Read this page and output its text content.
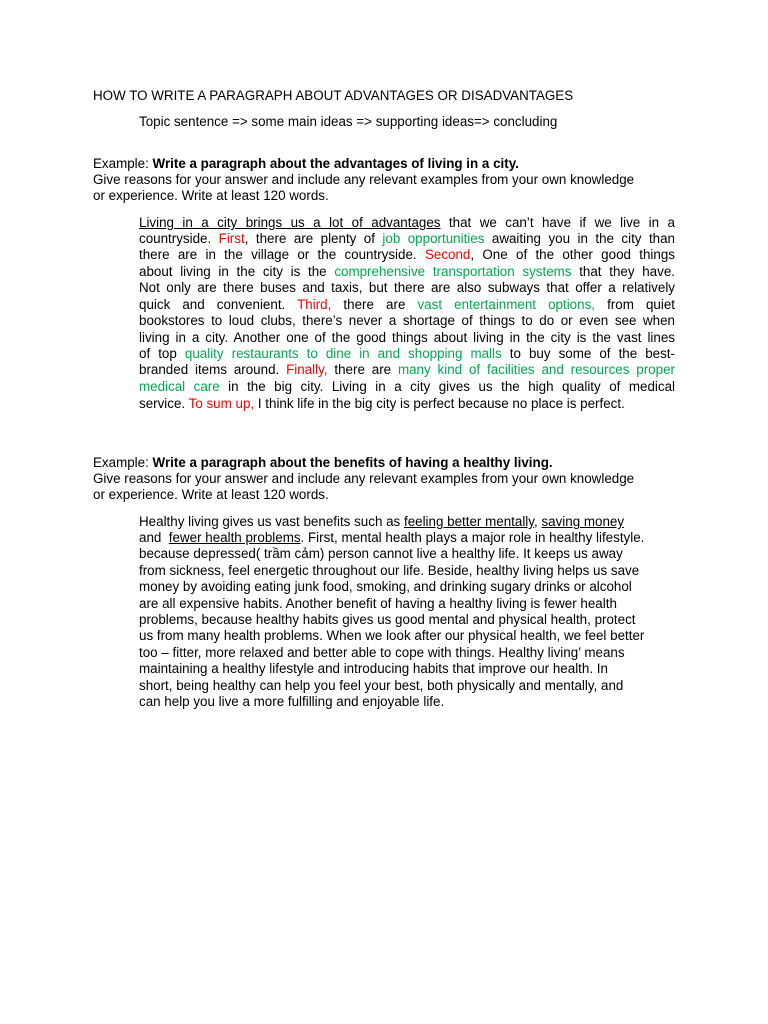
HOW TO WRITE A PARAGRAPH ABOUT ADVANTAGES OR DISADVANTAGES
Topic sentence => some main ideas => supporting ideas=> concluding
Example: Write a paragraph about the advantages of living in a city.
Give reasons for your answer and include any relevant examples from your own knowledge
or experience. Write at least 120 words.
Living in a city brings us a lot of advantages that we can’t have if we live in a
countryside. First, there are plenty of job opportunities awaiting you in the city than
there are in the village or the countryside. Second, One of the other good things
about living in the city is the comprehensive transportation systems that they have.
Not only are there buses and taxis, but there are also subways that offer a relatively
quick and convenient. Third, there are vast entertainment options, from quiet
bookstores to loud clubs, there’s never a shortage of things to do or even see when
living in a city. Another one of the good things about living in the city is the vast lines
of top quality restaurants to dine in and shopping malls to buy some of the best-
branded items around. Finally, there are many kind of facilities and resources proper
medical care in the big city. Living in a city gives us the high quality of medical
service. To sum up, I think life in the big city is perfect because no place is perfect.
Example: Write a paragraph about the benefits of having a healthy living.
Give reasons for your answer and include any relevant examples from your own knowledge
or experience. Write at least 120 words.
Healthy living gives us vast benefits such as feeling better mentally, saving money
and  fewer health problems. First, mental health plays a major role in healthy lifestyle.
because depressed( trầm cảm) person cannot live a healthy life. It keeps us away
from sickness, feel energetic throughout our life. Beside, healthy living helps us save
money by avoiding eating junk food, smoking, and drinking sugary drinks or alcohol
are all expensive habits. Another benefit of having a healthy living is fewer health
problems, because healthy habits gives us good mental and physical health, protect
us from many health problems. When we look after our physical health, we feel better
too – fitter, more relaxed and better able to cope with things. Healthy living’ means
maintaining a healthy lifestyle and introducing habits that improve our health. In
short, being healthy can help you feel your best, both physically and mentally, and
can help you live a more fulfilling and enjoyable life.
